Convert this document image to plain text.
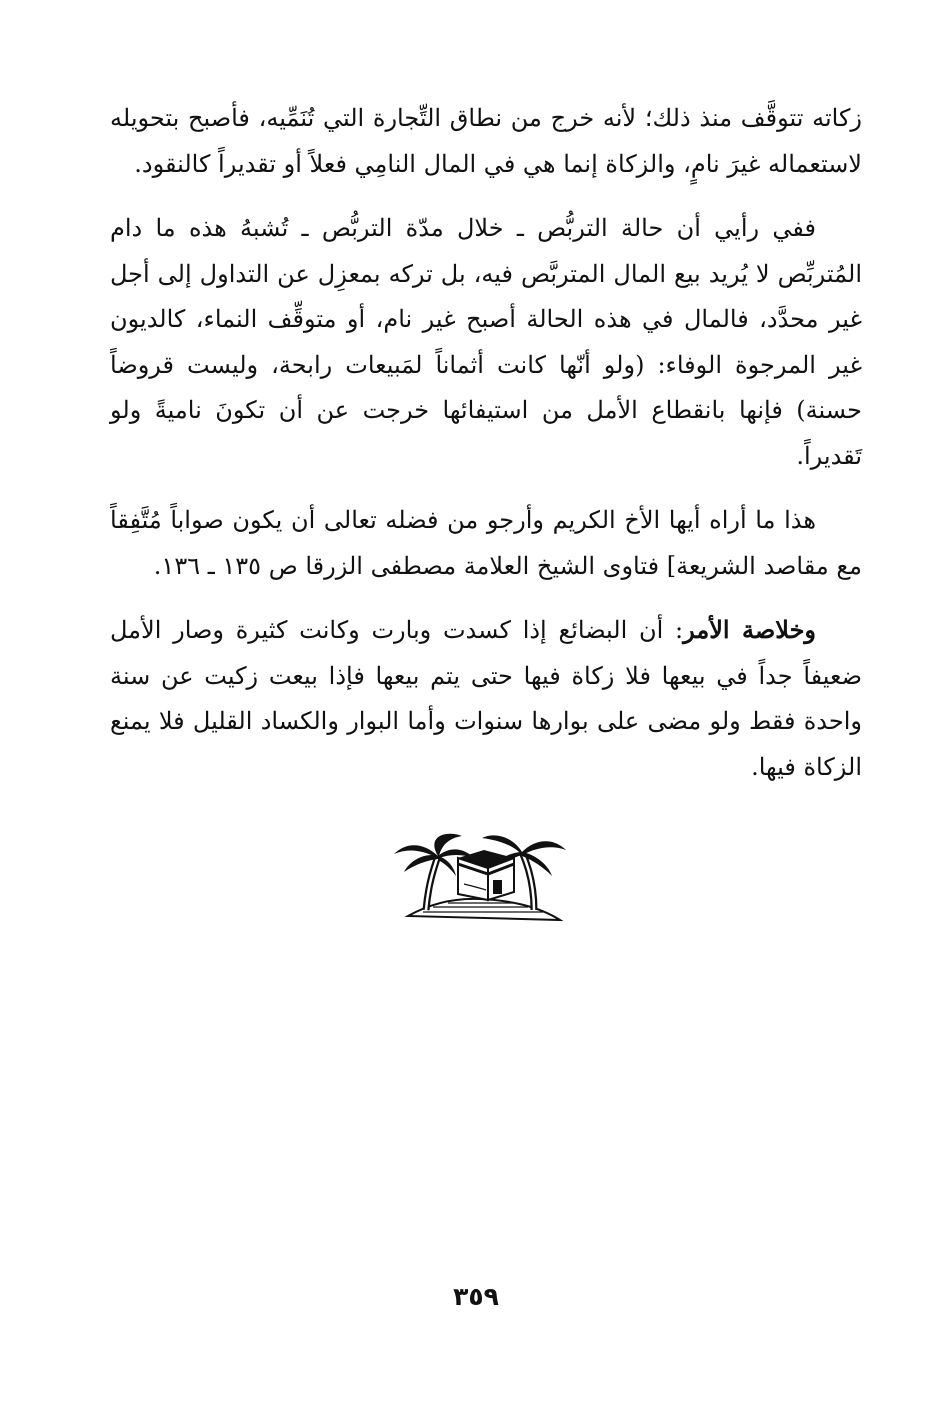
زكاته تتوقَّف منذ ذلك؛ لأنه خرج من نطاق التِّجارة التي تُنَمِّيه، فأصبح بتحويله لاستعماله غيرَ نامٍ، والزكاة إنما هي في المال النامِي فعلاً أو تقديراً كالنقود.

ففي رأيي أن حالة التربُّص ـ خلال مدّة التربُّص ـ تُشبهُ هذه ما دام المُتربِّص لا يُريد بيع المال المتربَّص فيه، بل تركه بمعزِل عن التداول إلى أجل غير محدَّد، فالمال في هذه الحالة أصبح غير نام، أو متوقِّف النماء، كالديون غير المرجوة الوفاء: (ولو أنّها كانت أثماناً لمَبيعات رابحة، وليست قروضاً حسنة) فإنها بانقطاع الأمل من استيفائها خرجت عن أن تكونَ ناميةً ولو تَقديراً.

هذا ما أراه أيها الأخ الكريم وأرجو من فضله تعالى أن يكون صواباً مُتَّفِقاً مع مقاصد الشريعة] فتاوى الشيخ العلامة مصطفى الزرقا ص ١٣٥ ـ ١٣٦.

وخلاصة الأمر: أن البضائع إذا كسدت وبارت وكانت كثيرة وصار الأمل ضعيفاً جداً في بيعها فلا زكاة فيها حتى يتم بيعها فإذا بيعت زكيت عن سنة واحدة فقط ولو مضى على بوارها سنوات وأما البوار والكساد القليل فلا يمنع الزكاة فيها.

٣٥٩
